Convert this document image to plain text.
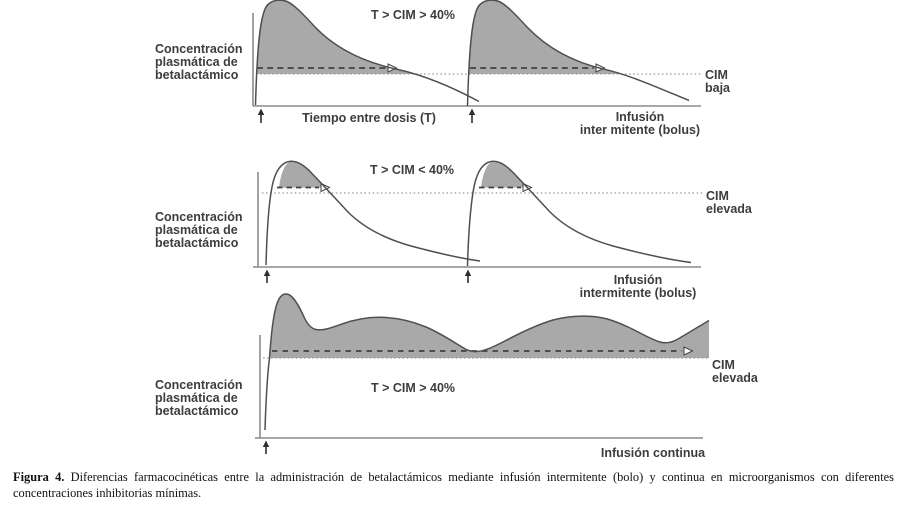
T > CIM > 40%
Concentración
plasmática de
betalactámico
Tiempo entre dosis (T)
CIM
baja
Infusión
inter mitente (bolus)
T > CIM < 40%
Concentración
plasmática de
betalactámico
CIM
elevada
Infusión
intermitente (bolus)
T > CIM > 40%
Concentración
plasmática de
betalactámico
CIM
elevada
Infusión continua
Figura 4. Diferencias farmacocinéticas entre la administración de betalactámicos mediante infusión intermitente (bolo) y continua en microorganismos con diferentes concentraciones inhibitorias mínimas.
